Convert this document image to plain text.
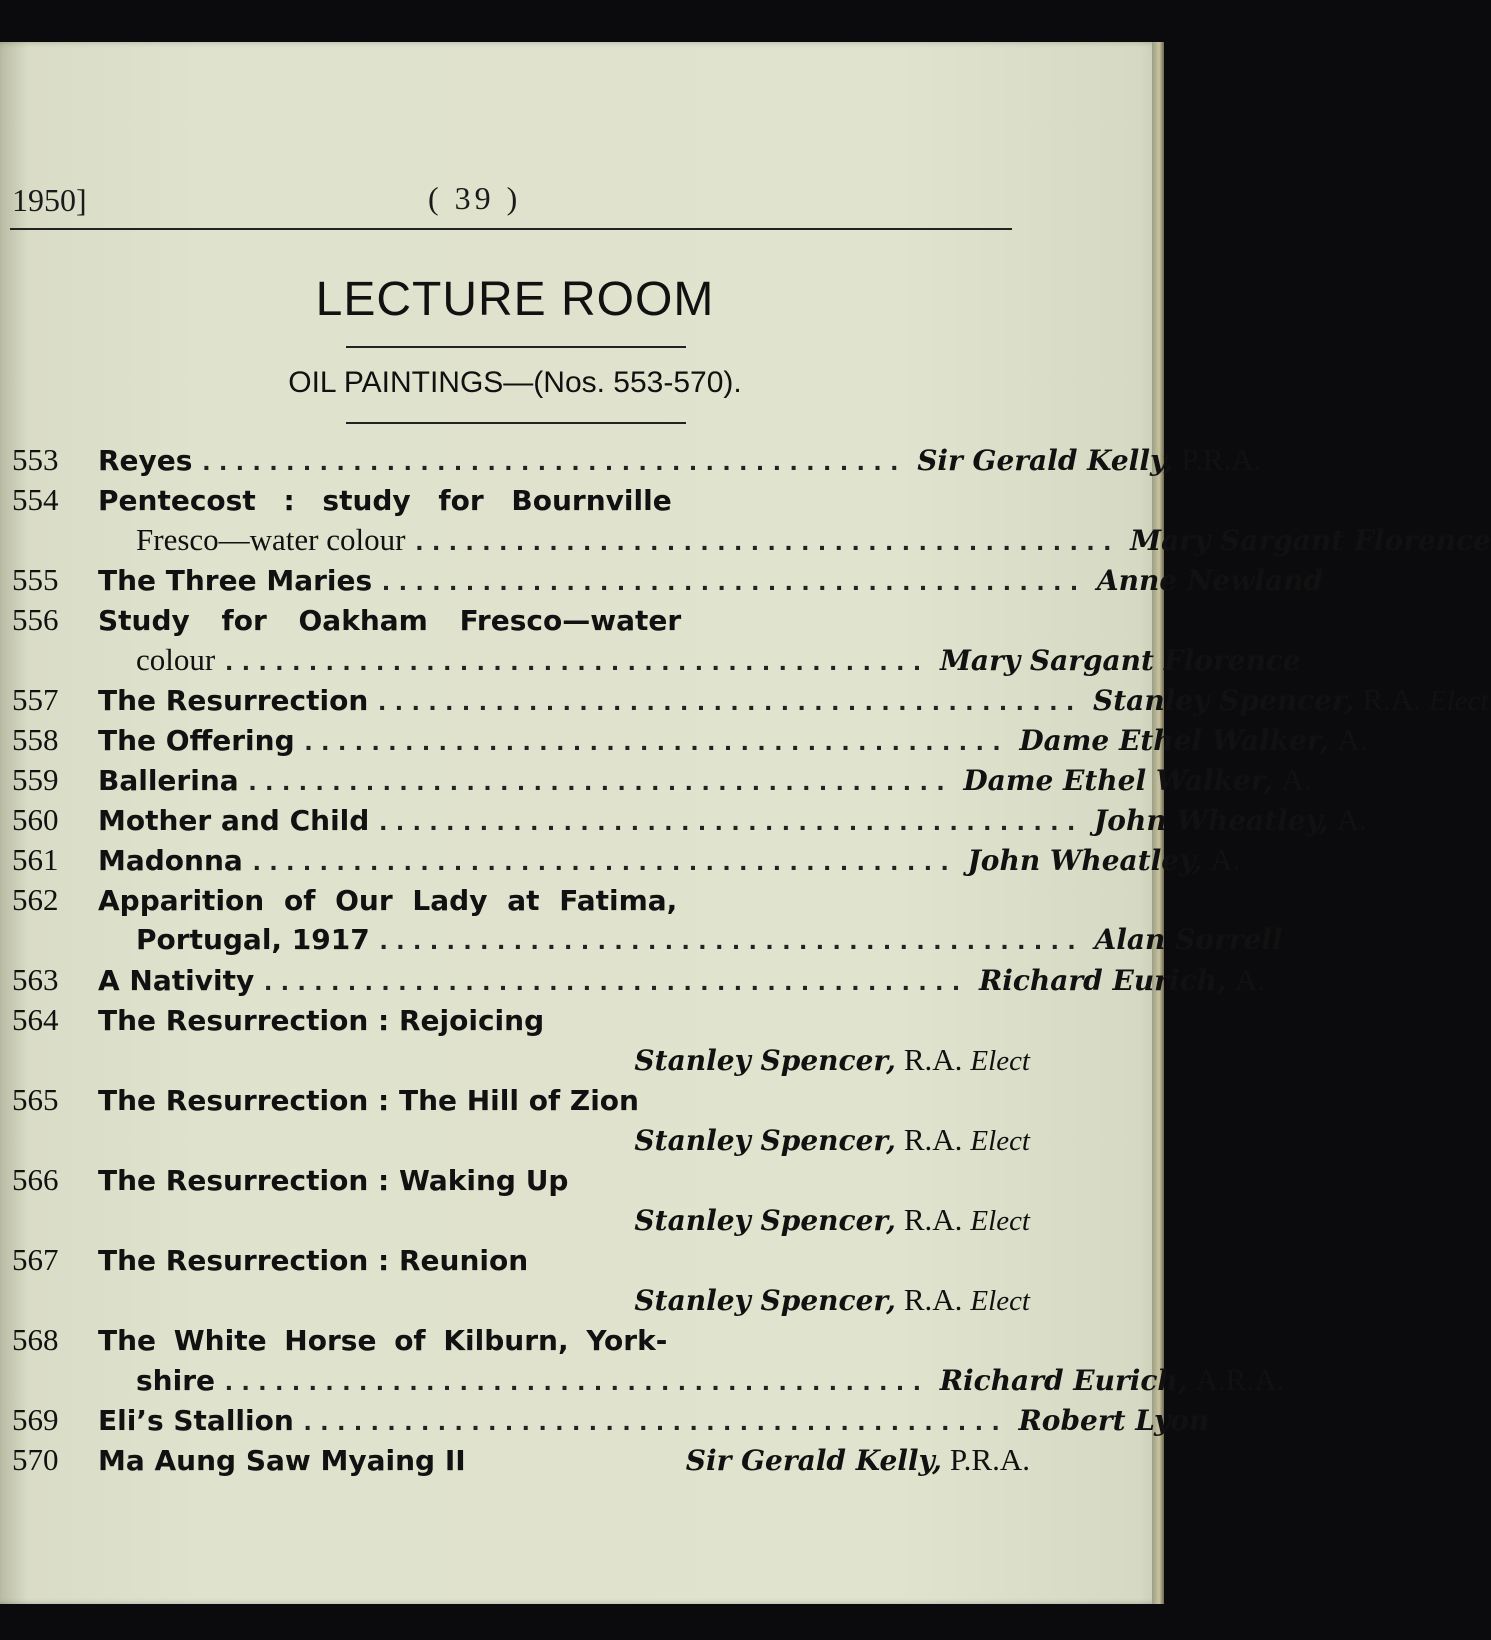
1950]	( 39 )
LECTURE ROOM
OIL PAINTINGS—(Nos. 553-570).
553	Reyes .......................................... Sir Gerald Kelly, P.R.A.
554	Pentecost : study for Bournville
Fresco—water colour .......................................... Mary Sargant Florence
555	The Three Maries .......................................... Anne Newland
556	Study for Oakham Fresco—water
colour .......................................... Mary Sargant Florence
557	The Resurrection .......................................... Stanley Spencer, R.A. Elect
558	The Offering .......................................... Dame Ethel Walker, A.
559	Ballerina .......................................... Dame Ethel Walker, A.
560	Mother and Child .......................................... John Wheatley, A.
561	Madonna .......................................... John Wheatley, A.
562	Apparition of Our Lady at Fatima,
Portugal, 1917 .......................................... Alan Sorrell
563	A Nativity .......................................... Richard Eurich, A.
564	The Resurrection : Rejoicing
Stanley Spencer, R.A. Elect
565	The Resurrection : The Hill of Zion
Stanley Spencer, R.A. Elect
566	The Resurrection : Waking Up
Stanley Spencer, R.A. Elect
567	The Resurrection : Reunion
Stanley Spencer, R.A. Elect
568	The White Horse of Kilburn, York-
shire .......................................... Richard Eurich, A.R.A.
569	Eli’s Stallion .......................................... Robert Lyon
570	Ma Aung Saw Myaing II	Sir Gerald Kelly, P.R.A.
